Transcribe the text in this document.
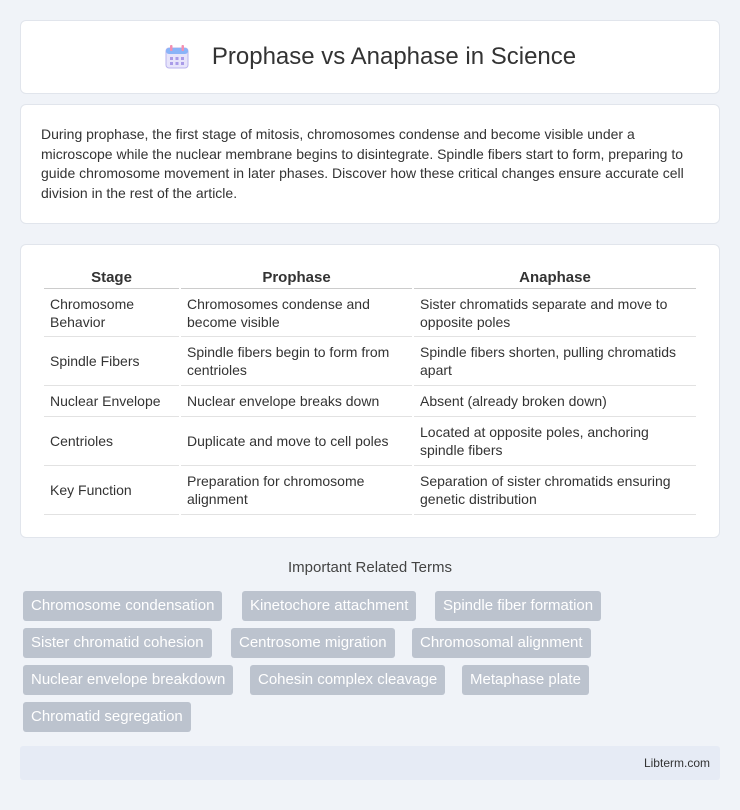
Prophase vs Anaphase in Science

During prophase, the first stage of mitosis, chromosomes condense and become visible under a microscope while the nuclear membrane begins to disintegrate. Spindle fibers start to form, preparing to guide chromosome movement in later phases. Discover how these critical changes ensure accurate cell division in the rest of the article.

Stage	Prophase	Anaphase
Chromosome Behavior	Chromosomes condense and become visible	Sister chromatids separate and move to opposite poles
Spindle Fibers	Spindle fibers begin to form from centrioles	Spindle fibers shorten, pulling chromatids apart
Nuclear Envelope	Nuclear envelope breaks down	Absent (already broken down)
Centrioles	Duplicate and move to cell poles	Located at opposite poles, anchoring spindle fibers
Key Function	Preparation for chromosome alignment	Separation of sister chromatids ensuring genetic distribution
Important Related Terms
Chromosome condensation	Kinetochore attachment	Spindle fiber formation
Sister chromatid cohesion	Centrosome migration	Chromosomal alignment
Nuclear envelope breakdown	Cohesin complex cleavage	Metaphase plate
Chromatid segregation
Libterm.com
